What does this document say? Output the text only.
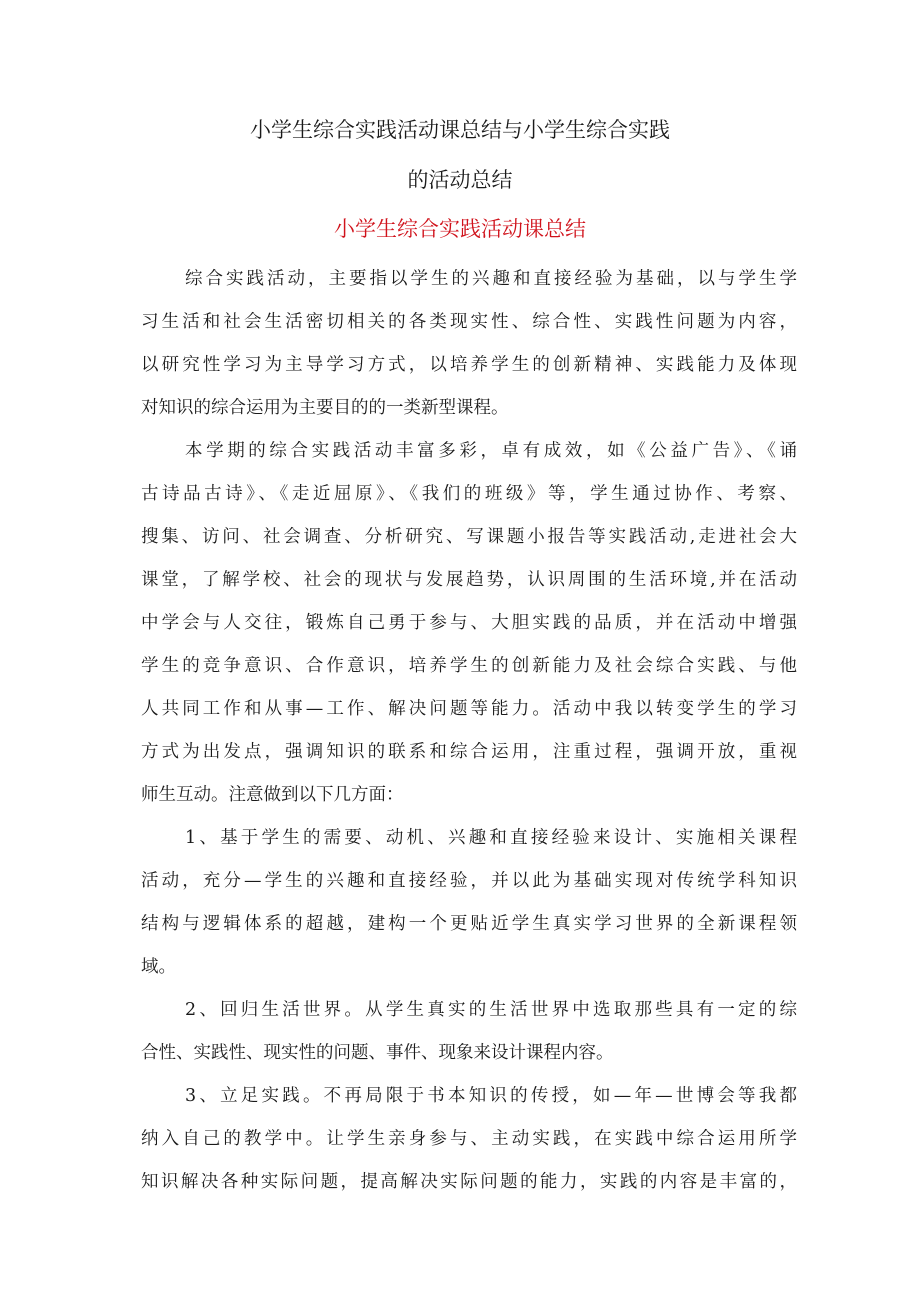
小学生综合实践活动课总结与小学生综合实践
的活动总结
小学生综合实践活动课总结
综合实践活动，主要指以学生的兴趣和直接经验为基础，以与学生学
习生活和社会生活密切相关的各类现实性、综合性、实践性问题为内容，
以研究性学习为主导学习方式，以培养学生的创新精神、实践能力及体现
对知识的综合运用为主要目的的一类新型课程。
本学期的综合实践活动丰富多彩，卓有成效，如《公益广告》、《诵
古诗品古诗》、《走近屈原》、《我们的班级》等，学生通过协作、考察、
搜集、访问、社会调查、分析研究、写课题小报告等实践活动,走进社会大
课堂，了解学校、社会的现状与发展趋势，认识周围的生活环境,并在活动
中学会与人交往，锻炼自己勇于参与、大胆实践的品质，并在活动中增强
学生的竞争意识、合作意识，培养学生的创新能力及社会综合实践、与他
人共同工作和从事—工作、解决问题等能力。活动中我以转变学生的学习
方式为出发点，强调知识的联系和综合运用，注重过程，强调开放，重视
师生互动。注意做到以下几方面：
1、基于学生的需要、动机、兴趣和直接经验来设计、实施相关课程
活动，充分—学生的兴趣和直接经验，并以此为基础实现对传统学科知识
结构与逻辑体系的超越，建构一个更贴近学生真实学习世界的全新课程领
域。
2、回归生活世界。从学生真实的生活世界中选取那些具有一定的综
合性、实践性、现实性的问题、事件、现象来设计课程内容。
3、立足实践。不再局限于书本知识的传授，如—年—世博会等我都
纳入自己的教学中。让学生亲身参与、主动实践，在实践中综合运用所学
知识解决各种实际问题，提高解决实际问题的能力，实践的内容是丰富的，
